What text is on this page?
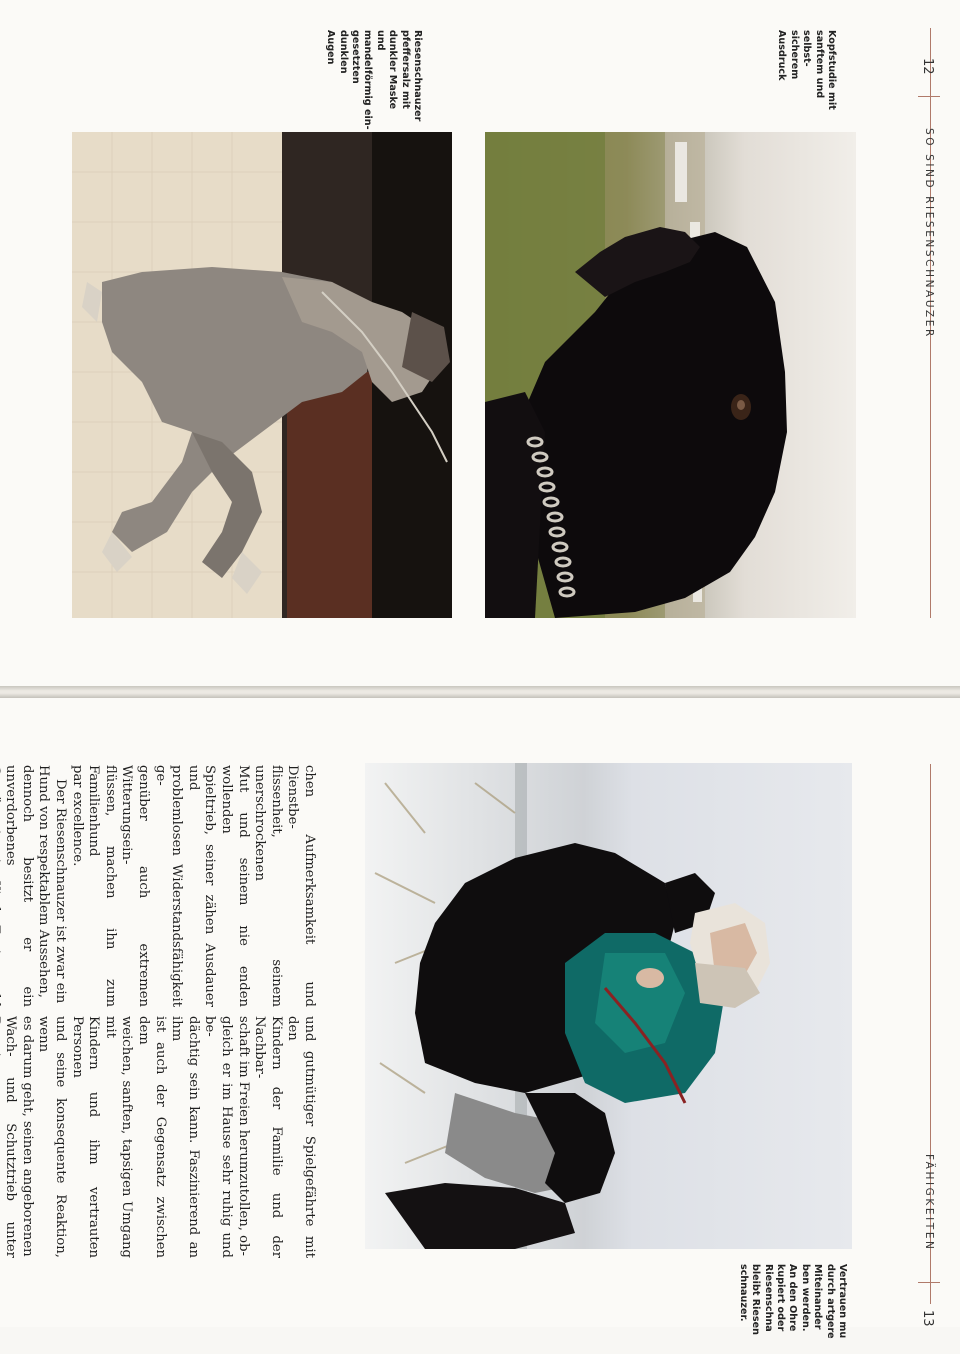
12
SO SIND RIESENSCHNAUZER
Kopfstudie mit
sanftem und selbst-
sicherem Ausdruck
Riesenschnauzer
pfeffersalz mit
dunkler Maske und
mandelförmig ein-
gesetzten dunklen
Augen
FÄHIGKEITEN
13

chen Aufmerksamkeit und Dienstbe-

flissenheit, seinem unerschrockenen

Mut und seinem nie enden wollenden

Spieltrieb, seiner zähen Ausdauer und

problemlosen Widerstandsfähigkeit ge-

genüber auch extremen Witterungsein-

flüssen, machen ihn zum Familienhund

par excellence.

Der Riesenschnauzer ist zwar ein

Hund von respektablem Aussehen,

dennoch besitzt er ein unverdorbenes

und gutmütiger Spielgefährte mit den

Kindern der Familie und der Nachbar-

schaft im Freien herumzutollen, ob-

gleich er im Hause sehr ruhig und be-

dächtig sein kann. Faszinierend an ihm

ist auch der Gegensatz zwischen dem

weichen, sanften, tapsigen Umgang mit

Kindern und ihm vertrauten Personen

und seine konsequente Reaktion, wenn

es darum geht, seinen angeborenen

Wach- und Schutztrieb unter

Vertrauen mu
durch artgere
Miteinander
ben werden.
An den Ohre
kupiert oder
Riesenschna
bleibt Riesen
schnauzer.
